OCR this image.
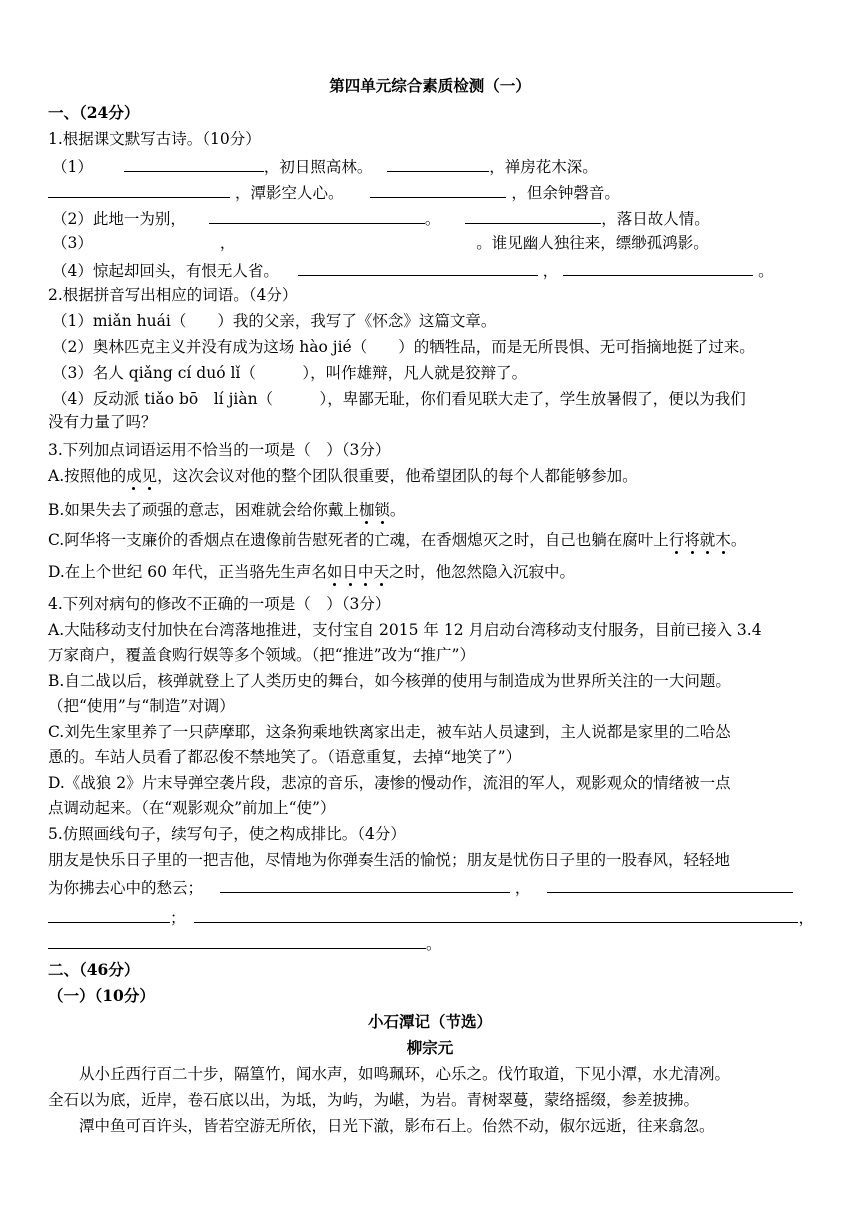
第四单元综合素质检测（一）
一、（24分）
1.根据课文默写古诗。（10分）
（1）	，初日照高林。	，禅房花木深。
，潭影空人心。	，但余钟磬音。
（2）此地一为别，	。	，落日故人情。
（3）	，	。谁见幽人独往来，缥缈孤鸿影。
（4）惊起却回头，有恨无人省。	，	。
2.根据拼音写出相应的词语。（4分）
（1）miǎn huái（　　）我的父亲，我写了《怀念》这篇文章。
（2）奥林匹克主义并没有成为这场 hào jié（　　）的牺牲品，而是无所畏惧、无可指摘地挺了过来。
（3）名人 qiǎng cí duó lǐ（　　　），叫作雄辩，凡人就是狡辩了。
（4）反动派 tiǎo bō　lí jiàn（　　　），卑鄙无耻，你们看见联大走了，学生放暑假了，便以为我们
没有力量了吗？
3.下列加点词语运用不恰当的一项是（　）（3分）
A.按照他的成见，这次会议对他的整个团队很重要，他希望团队的每个人都能够参加。
B.如果失去了顽强的意志，困难就会给你戴上枷锁。
C.阿华将一支廉价的香烟点在遗像前告慰死者的亡魂，在香烟熄灭之时，自己也躺在腐叶上行将就木。
D.在上个世纪 60 年代，正当骆先生声名如日中天之时，他忽然隐入沉寂中。
4.下列对病句的修改不正确的一项是（　）（3分）
A.大陆移动支付加快在台湾落地推进，支付宝自 2015 年 12 月启动台湾移动支付服务，目前已接入 3.4
万家商户，覆盖食购行娱等多个领域。（把“推进”改为“推广”）
B.自二战以后，核弹就登上了人类历史的舞台，如今核弹的使用与制造成为世界所关注的一大问题。
（把“使用”与“制造”对调）
C.刘先生家里养了一只萨摩耶，这条狗乘地铁离家出走，被车站人员逮到，主人说都是家里的二哈怂
恿的。车站人员看了都忍俊不禁地笑了。（语意重复，去掉“地笑了”）
D.《战狼 2》片末导弹空袭片段，悲凉的音乐，凄惨的慢动作，流泪的军人，观影观众的情绪被一点
点调动起来。（在“观影观众”前加上“使”）
5.仿照画线句子，续写句子，使之构成排比。（4分）
朋友是快乐日子里的一把吉他，尽情地为你弹奏生活的愉悦；朋友是忧伤日子里的一股春风，轻轻地
为你拂去心中的愁云；	，
；	，
。
二、（46分）
（一）（10分）
小石潭记（节选）
柳宗元
从小丘西行百二十步，隔篁竹，闻水声，如鸣珮环，心乐之。伐竹取道，下见小潭，水尤清冽。
全石以为底，近岸，卷石底以出，为坻，为屿，为嵁，为岩。青树翠蔓，蒙络摇缀，参差披拂。
潭中鱼可百许头，皆若空游无所依，日光下澈，影布石上。佁然不动，俶尔远逝，往来翕忽。
